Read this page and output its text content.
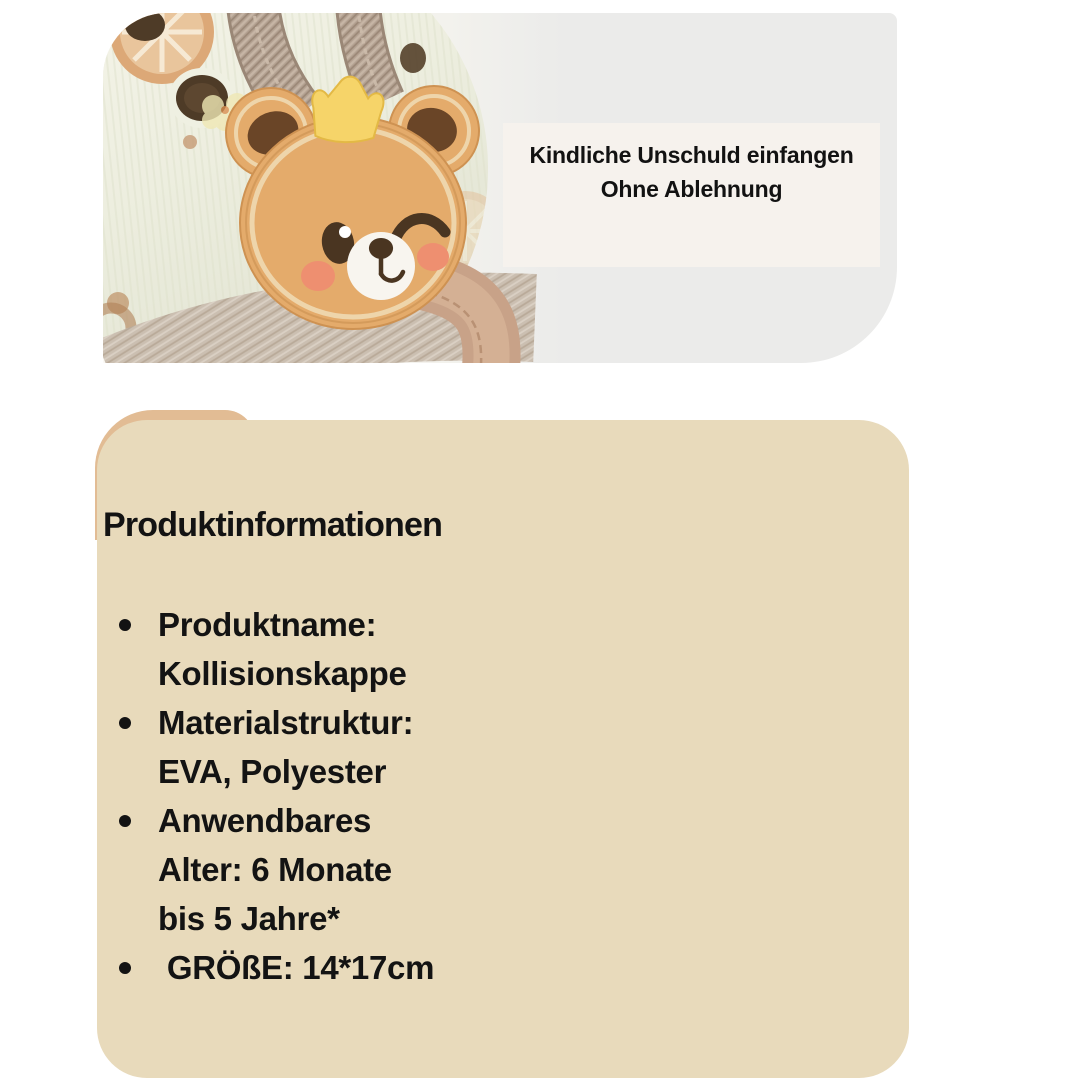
Kindliche Unschuld einfangen
Ohne Ablehnung
Produktinformationen
Produktname:
Kollisionskappe
Materialstruktur:
EVA, Polyester
Anwendbares
Alter: 6 Monate
bis 5 Jahre*
GRÖßE: 14*17cm
